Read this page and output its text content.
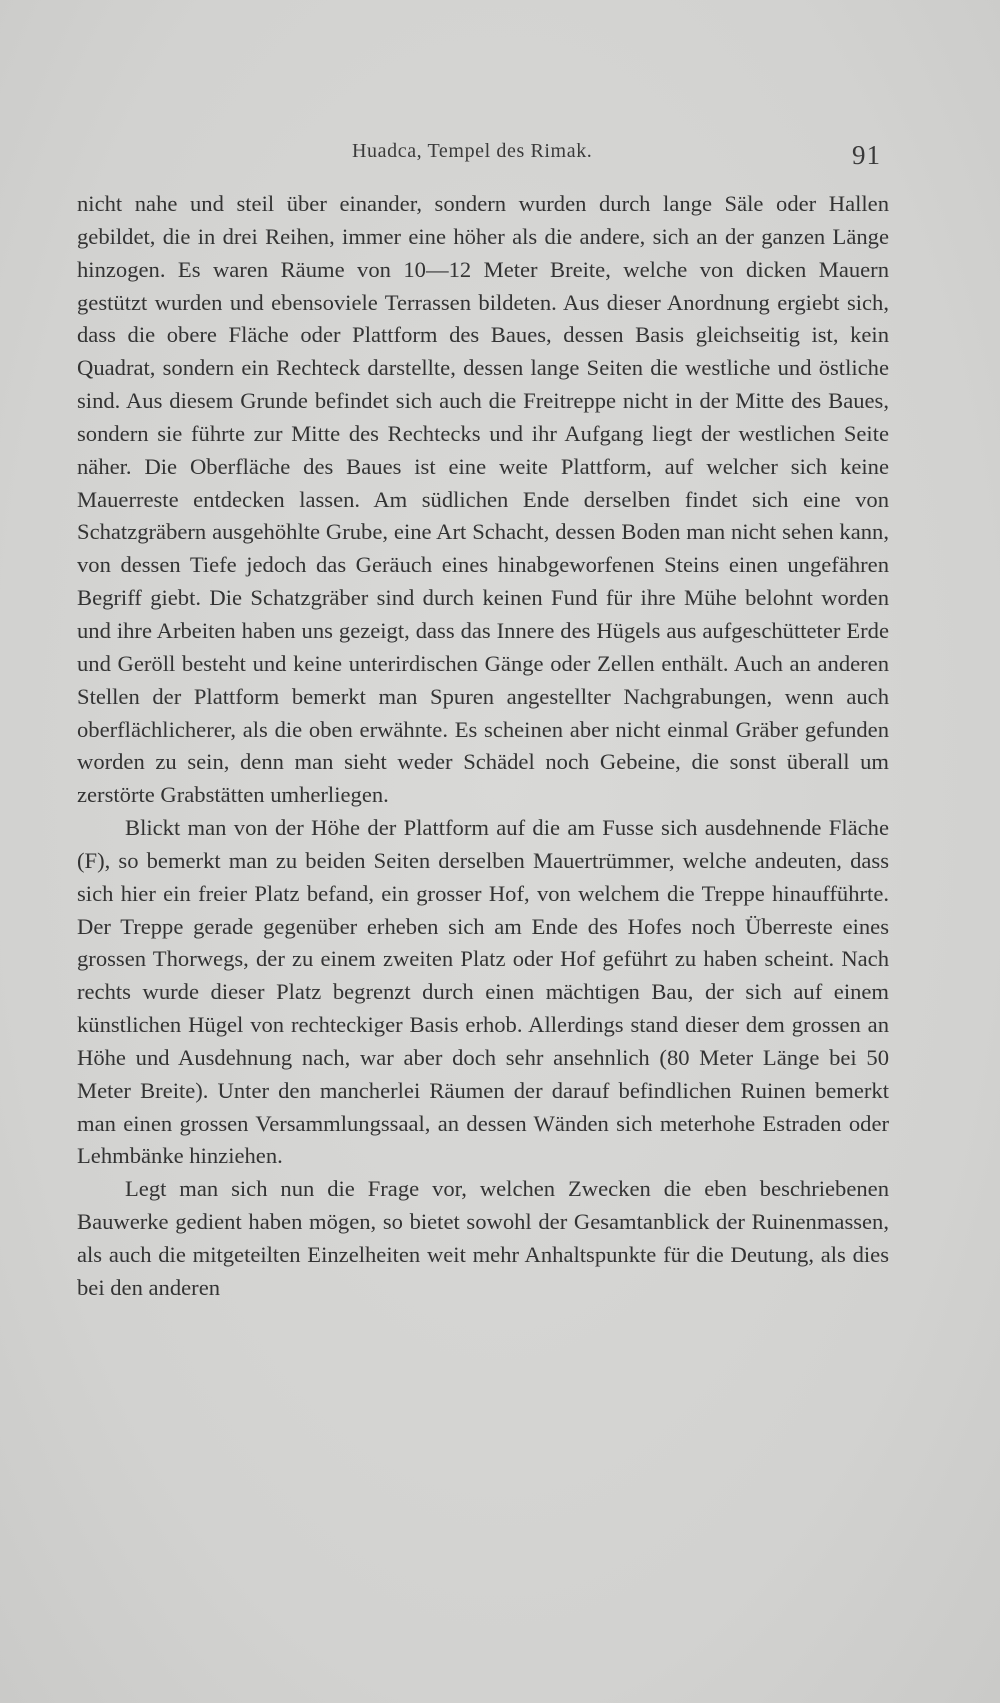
Huadca, Tempel des Rimak.	91

nicht nahe und steil über einander, sondern wurden durch lange Säle oder Hallen gebildet, die in drei Reihen, immer eine höher als die andere, sich an der ganzen Länge hinzogen. Es waren Räume von 10—12 Meter Breite, welche von dicken Mauern gestützt wurden und ebensoviele Terrassen bildeten. Aus dieser Anordnung ergiebt sich, dass die obere Fläche oder Plattform des Baues, dessen Basis gleichseitig ist, kein Quadrat, sondern ein Rechteck darstellte, dessen lange Seiten die westliche und östliche sind. Aus diesem Grunde befindet sich auch die Freitreppe nicht in der Mitte des Baues, sondern sie führte zur Mitte des Rechtecks und ihr Aufgang liegt der westlichen Seite näher. Die Oberfläche des Baues ist eine weite Plattform, auf welcher sich keine Mauerreste entdecken lassen. Am südlichen Ende derselben findet sich eine von Schatzgräbern ausgehöhlte Grube, eine Art Schacht, dessen Boden man nicht sehen kann, von dessen Tiefe jedoch das Geräuch eines hinabgeworfenen Steins einen ungefähren Begriff giebt. Die Schatzgräber sind durch keinen Fund für ihre Mühe belohnt worden und ihre Arbeiten haben uns gezeigt, dass das Innere des Hügels aus aufgeschütteter Erde und Geröll besteht und keine unterirdischen Gänge oder Zellen enthält. Auch an anderen Stellen der Plattform bemerkt man Spuren angestellter Nachgrabungen, wenn auch oberflächlicherer, als die oben erwähnte. Es scheinen aber nicht einmal Gräber gefunden worden zu sein, denn man sieht weder Schädel noch Gebeine, die sonst überall um zerstörte Grabstätten umherliegen.

Blickt man von der Höhe der Plattform auf die am Fusse sich ausdehnende Fläche (F), so bemerkt man zu beiden Seiten derselben Mauertrümmer, welche andeuten, dass sich hier ein freier Platz befand, ein grosser Hof, von welchem die Treppe hinaufführte. Der Treppe gerade gegenüber erheben sich am Ende des Hofes noch Überreste eines grossen Thorwegs, der zu einem zweiten Platz oder Hof geführt zu haben scheint. Nach rechts wurde dieser Platz begrenzt durch einen mächtigen Bau, der sich auf einem künstlichen Hügel von rechteckiger Basis erhob. Allerdings stand dieser dem grossen an Höhe und Ausdehnung nach, war aber doch sehr ansehnlich (80 Meter Länge bei 50 Meter Breite). Unter den mancherlei Räumen der darauf befindlichen Ruinen bemerkt man einen grossen Versammlungssaal, an dessen Wänden sich meterhohe Estraden oder Lehmbänke hinziehen.

Legt man sich nun die Frage vor, welchen Zwecken die eben beschriebenen Bauwerke gedient haben mögen, so bietet sowohl der Gesamtanblick der Ruinenmassen, als auch die mitgeteilten Einzelheiten weit mehr Anhaltspunkte für die Deutung, als dies bei den anderen
